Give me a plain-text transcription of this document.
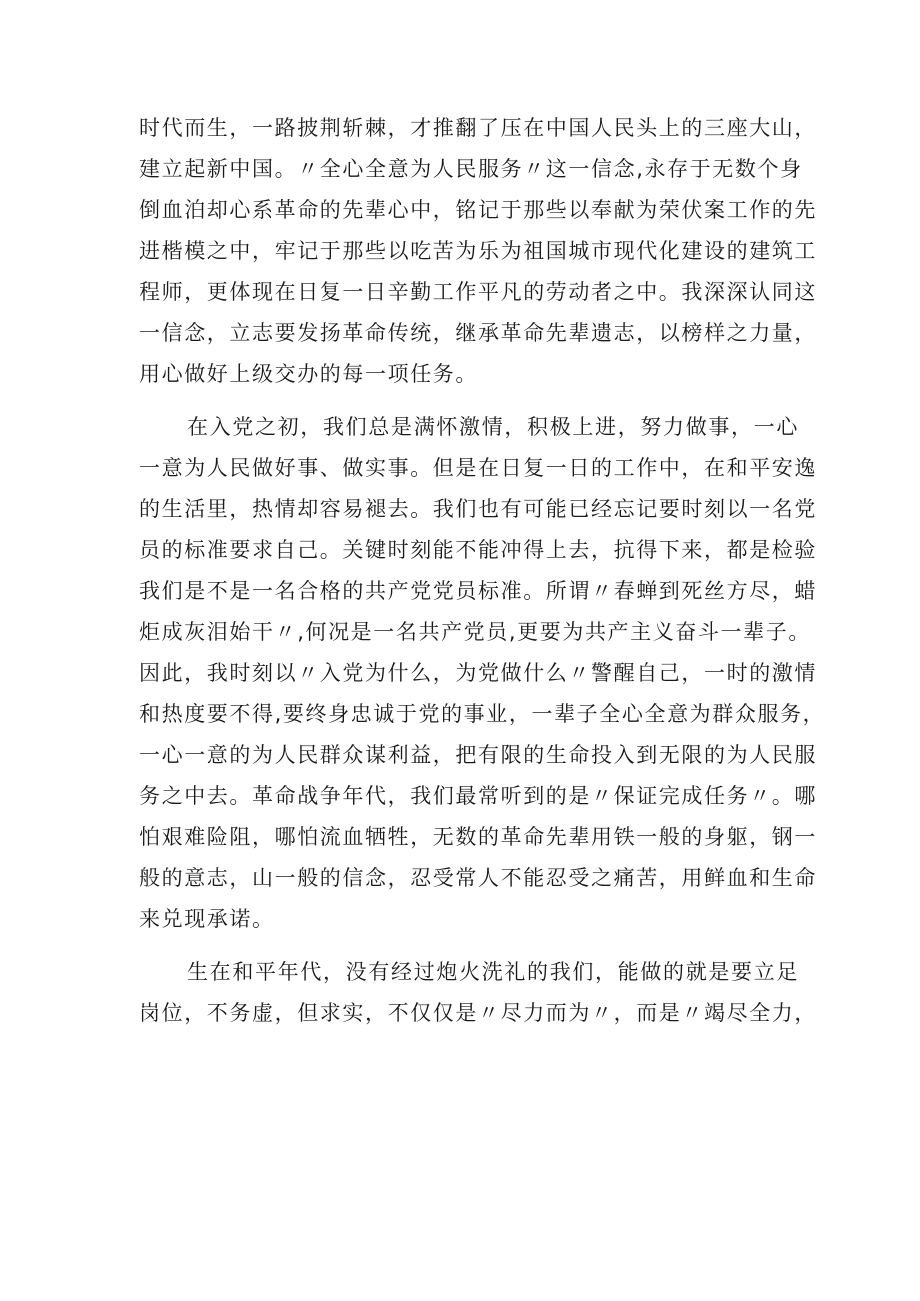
时代而生，一路披荆斩棘，才推翻了压在中国人民头上的三座大山，
建立起新中国。〃全心全意为人民服务〃这一信念,永存于无数个身
倒血泊却心系革命的先辈心中，铭记于那些以奉献为荣伏案工作的先
进楷模之中，牢记于那些以吃苦为乐为祖国城市现代化建设的建筑工
程师，更体现在日复一日辛勤工作平凡的劳动者之中。我深深认同这
一信念，立志要发扬革命传统，继承革命先辈遗志，以榜样之力量，
用心做好上级交办的每一项任务。
在入党之初，我们总是满怀激情，积极上进，努力做事，一心
一意为人民做好事、做实事。但是在日复一日的工作中，在和平安逸
的生活里，热情却容易褪去。我们也有可能已经忘记要时刻以一名党
员的标准要求自己。关键时刻能不能冲得上去，抗得下来，都是检验
我们是不是一名合格的共产党党员标准。所谓〃春蝉到死丝方尽，蜡
炬成灰泪始干〃,何况是一名共产党员,更要为共产主义奋斗一辈子。
因此，我时刻以〃入党为什么，为党做什么〃警醒自己，一时的激情
和热度要不得,要终身忠诚于党的事业，一辈子全心全意为群众服务，
一心一意的为人民群众谋利益，把有限的生命投入到无限的为人民服
务之中去。革命战争年代，我们最常听到的是〃保证完成任务〃。哪
怕艰难险阻，哪怕流血牺牲，无数的革命先辈用铁一般的身躯，钢一
般的意志，山一般的信念，忍受常人不能忍受之痛苦，用鲜血和生命
来兑现承诺。
生在和平年代，没有经过炮火洗礼的我们，能做的就是要立足
岗位，不务虚，但求实，不仅仅是〃尽力而为〃，而是〃竭尽全力，
